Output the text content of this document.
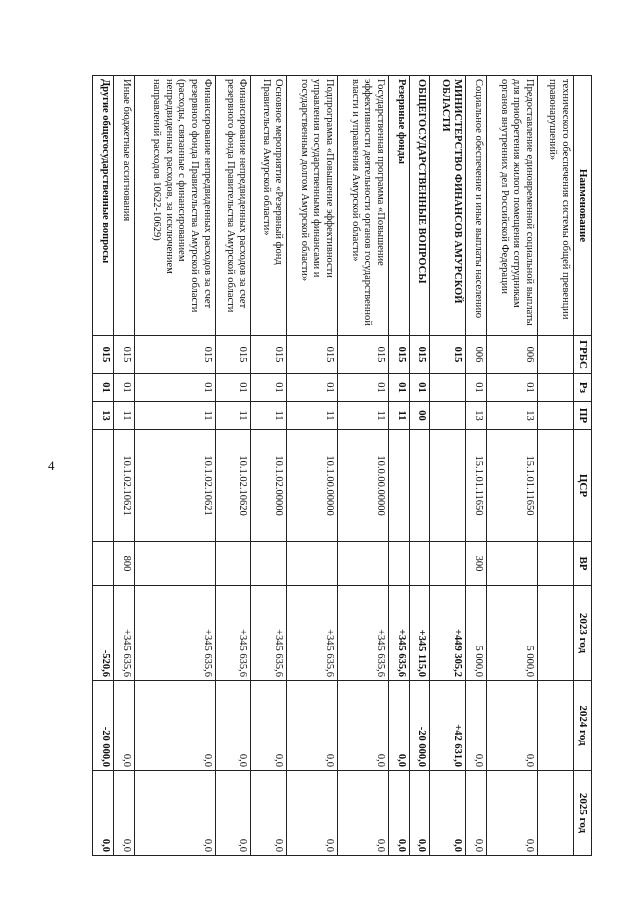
4
Наименование	ГРБС	Рз	ПР	ЦСР	ВР	2023 год	2024 год	2025 год
технического обеспечения системы общей превенции правонарушений»								
Предоставление единовременной социальной выплаты для приобретения жилого помещения сотрудникам органов внутренних дел Российской Федерации	006	01	13	15.1.01.11650		5 000,0	0,0	0,0
Социальное обеспечение и иные выплаты населению	006	01	13	15.1.01.11650	300	5 000,0	0,0	0,0
МИНИСТЕРСТВО ФИНАНСОВ АМУРСКОЙ ОБЛАСТИ	015					+449 305,2	+42 631,0	0,0
ОБЩЕГОСУДАРСТВЕННЫЕ ВОПРОСЫ	015	01	00			+345 115,0	-20 000,0	0,0
Резервные фонды	015	01	11			+345 635,6	0,0	0,0
Государственная программа «Повышение эффективности деятельности органов государственной власти и управления Амурской области»	015	01	11	10.0.00.00000		+345 635,6	0,0	0,0
Подпрограмма «Повышение эффективности управления государственными финансами и государственным долгом Амурской области»	015	01	11	10.1.00.00000		+345 635,6	0,0	0,0
Основное мероприятие «Резервный фонд Правительства Амурской области»	015	01	11	10.1.02.00000		+345 635,6	0,0	0,0
Финансирование непредвиденных расходов за счет резервного фонда Правительства Амурской области	015	01	11	10.1.02.10620		+345 635,6	0,0	0,0
Финансирование непредвиденных расходов за счет резервного фонда Правительства Амурской области (расходы, связанные с финансированием непредвиденных расходов, за исключением направлений расходов 10622-10629)	015	01	11	10.1.02.10621		+345 635,6	0,0	0,0
Иные бюджетные ассигнования	015	01	11	10.1.02.10621	800	+345 635,6	0,0	0,0
Другие общегосударственные вопросы	015	01	13			-520,6	-20 000,0	0,0
